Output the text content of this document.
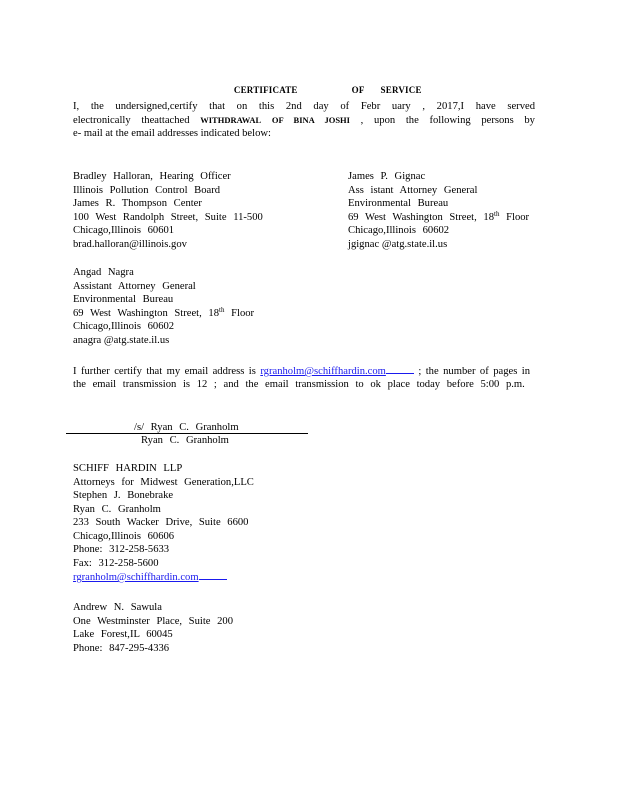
CERTIFICATE	OF SERVICE

I, the undersigned,certify that on this 2nd day of Febr uary , 2017,I have served
electronically theattached WITHDRAWAL OF BINA JOSHI , upon the following persons by
e- mail at the email addresses indicated below:
Bradley Halloran, Hearing Officer
Illinois Pollution Control Board
James R. Thompson Center
100 West Randolph Street, Suite 11-500
Chicago,Illinois 60601
brad.halloran@illinois.gov
James P. Gignac
Ass istant Attorney General
Environmental Bureau
69 West Washington Street, 18th Floor
Chicago,Illinois 60602
jgignac @atg.state.il.us
Angad Nagra
Assistant Attorney General
Environmental Bureau
69 West Washington Street, 18th Floor
Chicago,Illinois 60602
anagra @atg.state.il.us
I further certify that my email address is rgranholm@schiffhardin.com	; the number of pages in
the email transmission is 12 ; and the email transmission to ok place today before 5:00 p.m.
/s/ Ryan C. Granholm
Ryan C. Granholm
SCHIFF HARDIN LLP
Attorneys for Midwest Generation,LLC
Stephen J. Bonebrake
Ryan C. Granholm
233 South Wacker Drive, Suite 6600
Chicago,Illinois 60606
Phone: 312-258-5633
Fax: 312-258-5600
rgranholm@schiffhardin.com
Andrew N. Sawula
One Westminster Place, Suite 200
Lake Forest,IL 60045
Phone: 847-295-4336
